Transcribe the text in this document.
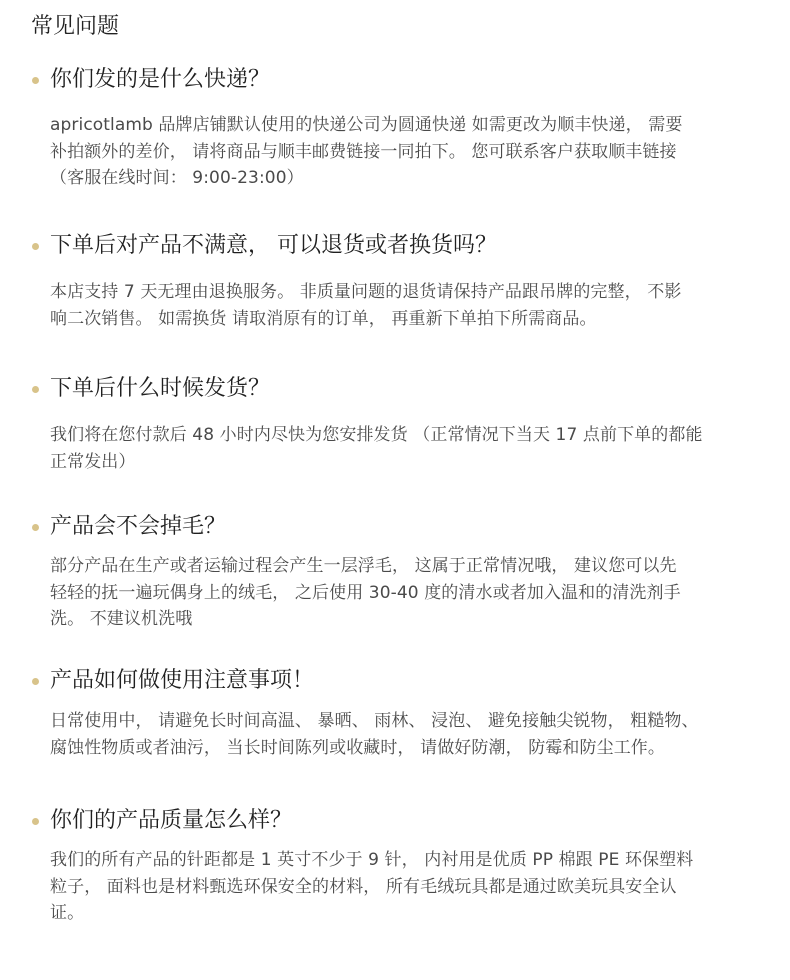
常见问题
你们发的是什么快递？
apricotlamb 品牌店铺默认使用的快递公司为圆通快递 如需更改为顺丰快递， 需要
补拍额外的差价， 请将商品与顺丰邮费链接一同拍下。 您可联系客户获取顺丰链接
（客服在线时间： 9:00-23:00）
下单后对产品不满意， 可以退货或者换货吗？
本店支持 7 天无理由退换服务。 非质量问题的退货请保持产品跟吊牌的完整， 不影
响二次销售。 如需换货 请取消原有的订单， 再重新下单拍下所需商品。
下单后什么时候发货？
我们将在您付款后 48 小时内尽快为您安排发货 （正常情况下当天 17 点前下单的都能
正常发出）
产品会不会掉毛？
部分产品在生产或者运输过程会产生一层浮毛， 这属于正常情况哦， 建议您可以先
轻轻的抚一遍玩偶身上的绒毛， 之后使用 30-40 度的清水或者加入温和的清洗剂手
洗。 不建议机洗哦
产品如何做使用注意事项！
日常使用中， 请避免长时间高温、 暴晒、 雨林、 浸泡、 避免接触尖锐物， 粗糙物、
腐蚀性物质或者油污， 当长时间陈列或收藏时， 请做好防潮， 防霉和防尘工作。
你们的产品质量怎么样？
我们的所有产品的针距都是 1 英寸不少于 9 针， 内衬用是优质 PP 棉跟 PE 环保塑料
粒子， 面料也是材料甄选环保安全的材料， 所有毛绒玩具都是通过欧美玩具安全认
证。
